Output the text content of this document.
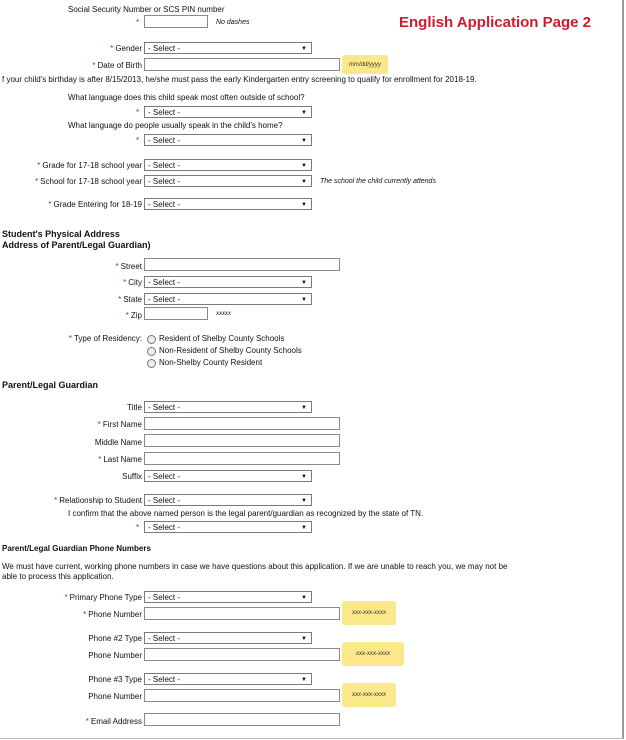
English Application Page 2
Social Security Number or SCS PIN number
*	No dashes
* Gender - Select -	▼
* Date of Birth	mm/dd/yyyy
f your child's birthday is after 8/15/2013, he/she must pass the early Kindergarten entry screening to qualify for enrollment for 2018-19.
What language does this child speak most often outside of school?
*	- Select -	▼
What language do people usually speak in the child's home?
*	- Select -	▼
* Grade for 17-18 school year - Select -	▼
* School for 17-18 school year - Select -	▼ The school the child currently attends
* Grade Entering for 18-19 - Select -	▼
Student's Physical Address
Address of Parent/Legal Guardian)
* Street
* City - Select -	▼
* State - Select -	▼
* Zip	xxxxx
* Type of Residency: Resident of Shelby County Schools
Non-Resident of Shelby County Schools
Non-Shelby County Resident
Parent/Legal Guardian
Title - Select -	▼
* First Name
Middle Name
* Last Name
Suffix - Select -	▼
* Relationship to Student - Select -	▼
I confirm that the above named person is the legal parent/guardian as recognized by the state of TN.
*	- Select -	▼
Parent/Legal Guardian Phone Numbers
We must have current, working phone numbers in case we have questions about this application. If we are unable to reach you, we may not be
able to process this application.
* Primary Phone Type - Select -	▼
* Phone Number	xxx-xxx-xxxx
Phone #2 Type - Select -	▼
Phone Number	xxx-xxx-xxxx
Phone #3 Type - Select -	▼
Phone Number	xxx-xxx-xxxx
* Email Address
